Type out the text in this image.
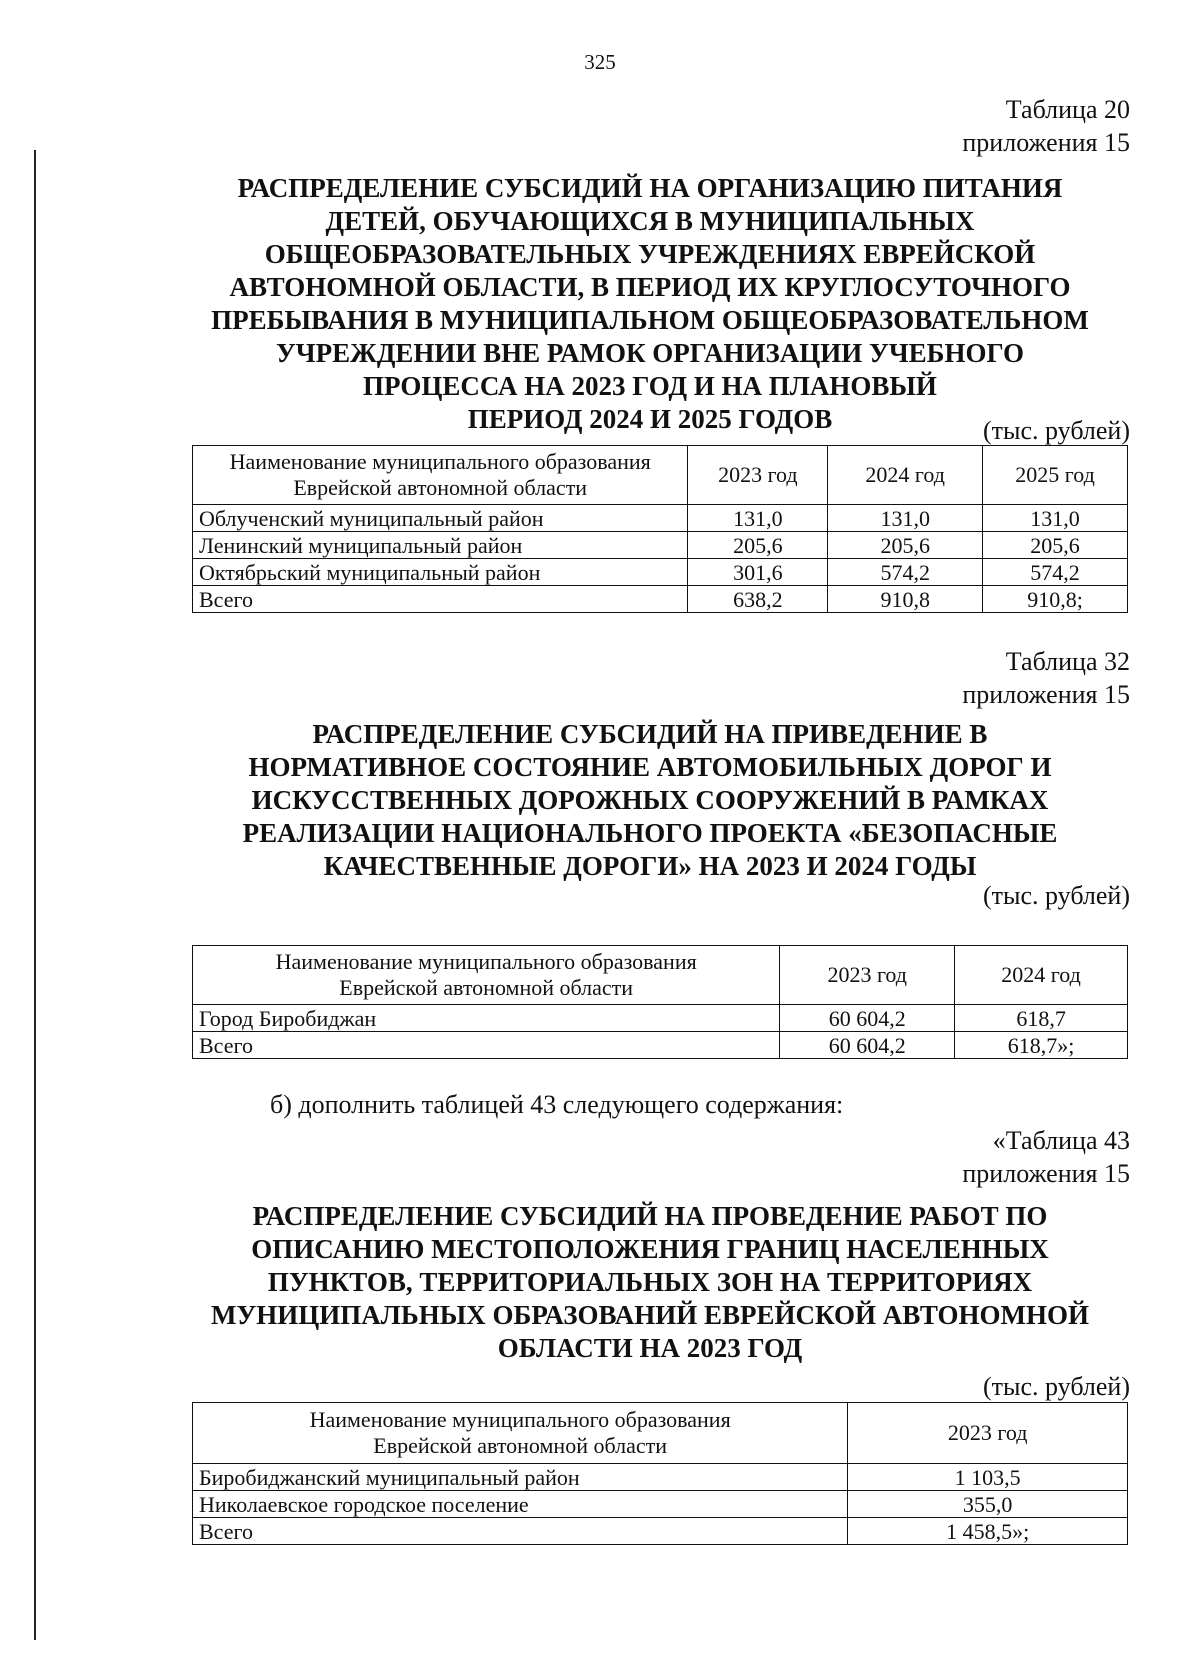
325
Таблица 20
приложения 15
РАСПРЕДЕЛЕНИЕ СУБСИДИЙ НА ОРГАНИЗАЦИЮ ПИТАНИЯ
ДЕТЕЙ, ОБУЧАЮЩИХСЯ В МУНИЦИПАЛЬНЫХ
ОБЩЕОБРАЗОВАТЕЛЬНЫХ УЧРЕЖДЕНИЯХ ЕВРЕЙСКОЙ
АВТОНОМНОЙ ОБЛАСТИ, В ПЕРИОД ИХ КРУГЛОСУТОЧНОГО
ПРЕБЫВАНИЯ В МУНИЦИПАЛЬНОМ ОБЩЕОБРАЗОВАТЕЛЬНОМ
УЧРЕЖДЕНИИ ВНЕ РАМОК ОРГАНИЗАЦИИ УЧЕБНОГО
ПРОЦЕССА НА 2023 ГОД И НА ПЛАНОВЫЙ
ПЕРИОД 2024 И 2025 ГОДОВ	(тыс. рублей)
Наименование муниципального образования
Еврейской автономной области	2023 год	2024 год	2025 год
Облученский муниципальный район	131,0	131,0	131,0
Ленинский муниципальный район	205,6	205,6	205,6
Октябрьский муниципальный район	301,6	574,2	574,2
Всего	638,2	910,8	910,8;
Таблица 32
приложения 15
РАСПРЕДЕЛЕНИЕ СУБСИДИЙ НА ПРИВЕДЕНИЕ В
НОРМАТИВНОЕ СОСТОЯНИЕ АВТОМОБИЛЬНЫХ ДОРОГ И
ИСКУССТВЕННЫХ ДОРОЖНЫХ СООРУЖЕНИЙ В РАМКАХ
РЕАЛИЗАЦИИ НАЦИОНАЛЬНОГО ПРОЕКТА «БЕЗОПАСНЫЕ
КАЧЕСТВЕННЫЕ ДОРОГИ» НА 2023 И 2024 ГОДЫ
(тыс. рублей)
Наименование муниципального образования
Еврейской автономной области	2023 год	2024 год
Город Биробиджан	60 604,2	618,7
Всего	60 604,2	618,7»;
б) дополнить таблицей 43 следующего содержания:
«Таблица 43
приложения 15
РАСПРЕДЕЛЕНИЕ СУБСИДИЙ НА ПРОВЕДЕНИЕ РАБОТ ПО
ОПИСАНИЮ МЕСТОПОЛОЖЕНИЯ ГРАНИЦ НАСЕЛЕННЫХ
ПУНКТОВ, ТЕРРИТОРИАЛЬНЫХ ЗОН НА ТЕРРИТОРИЯХ
МУНИЦИПАЛЬНЫХ ОБРАЗОВАНИЙ ЕВРЕЙСКОЙ АВТОНОМНОЙ
ОБЛАСТИ НА 2023 ГОД
(тыс. рублей)
Наименование муниципального образования
Еврейской автономной области	2023 год
Биробиджанский муниципальный район	1 103,5
Николаевское городское поселение	355,0
Всего	1 458,5»;
